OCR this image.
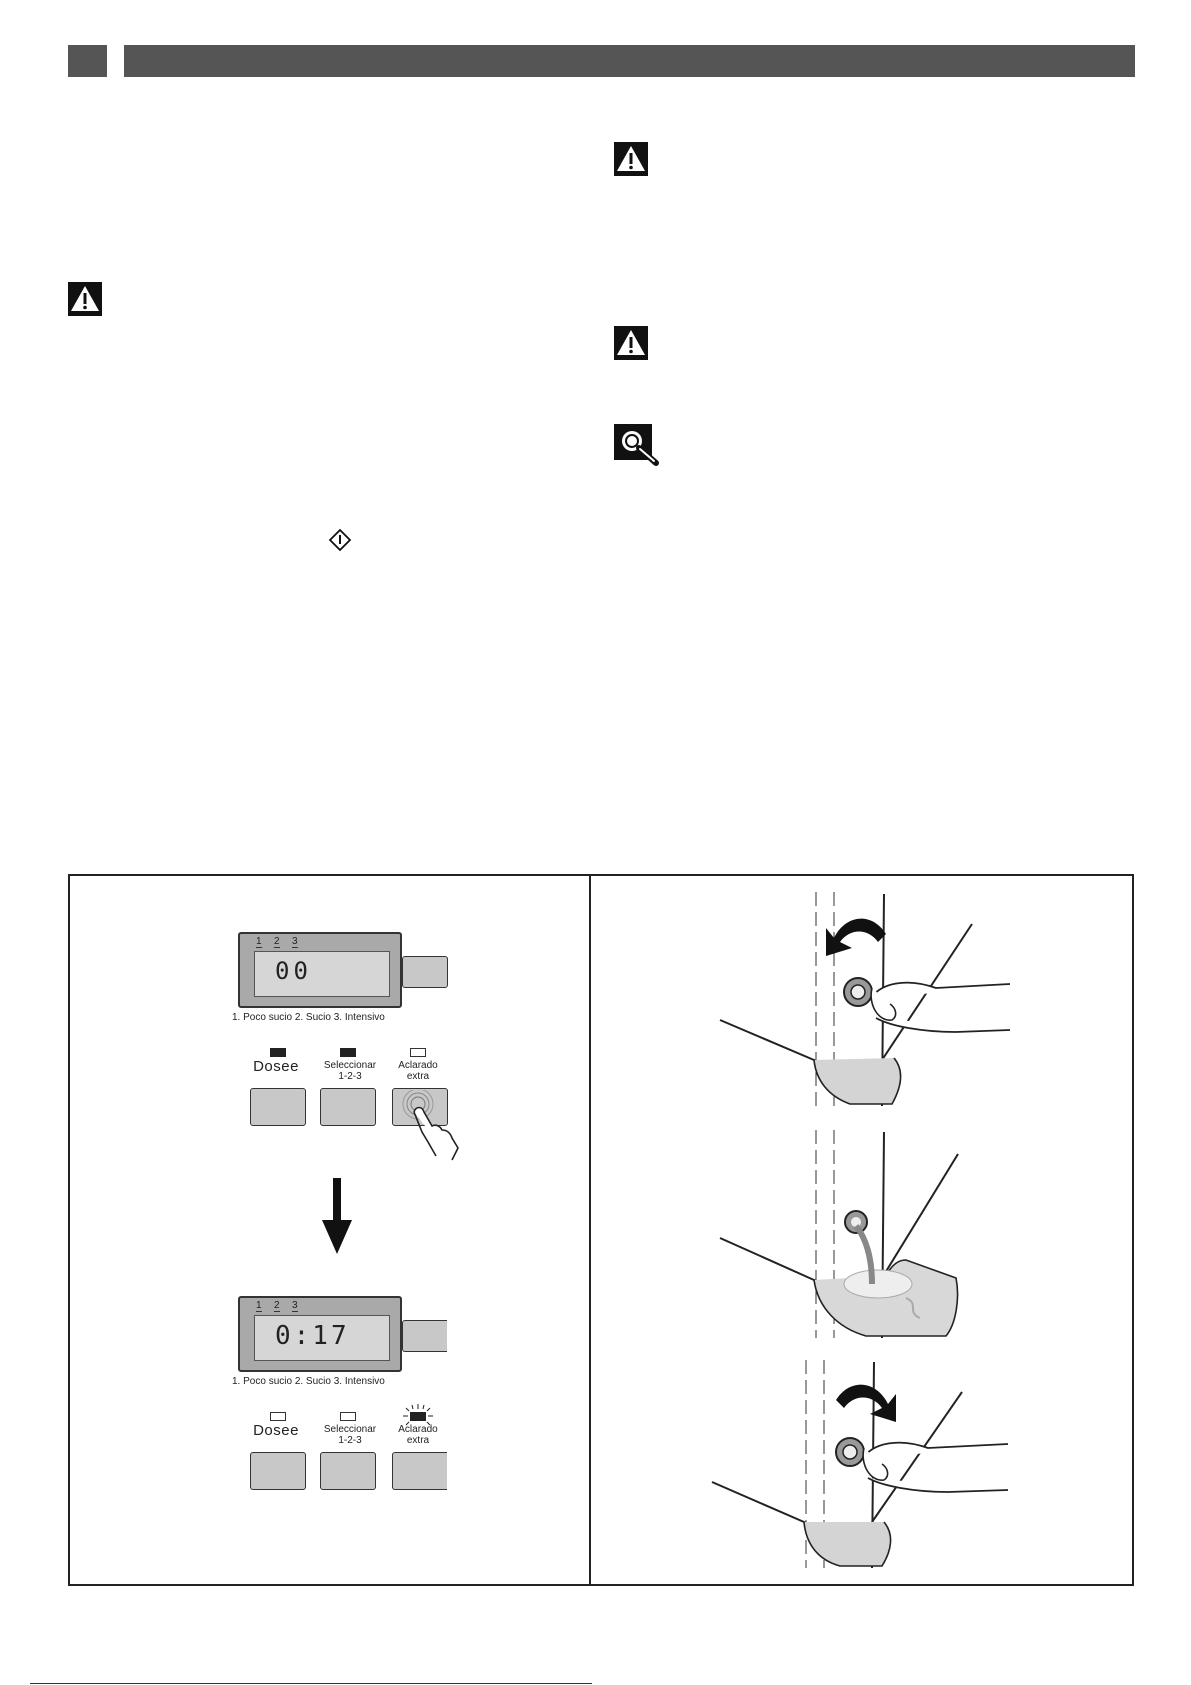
1 2 3
00
1. Poco sucio 2. Sucio 3. Intensivo
Dosee	Seleccionar
1-2-3
Aclarado
extra
1 2 3
0:17
1. Poco sucio 2. Sucio 3. Intensivo
Dosee	Seleccionar
1-2-3
Aclarado
extra
